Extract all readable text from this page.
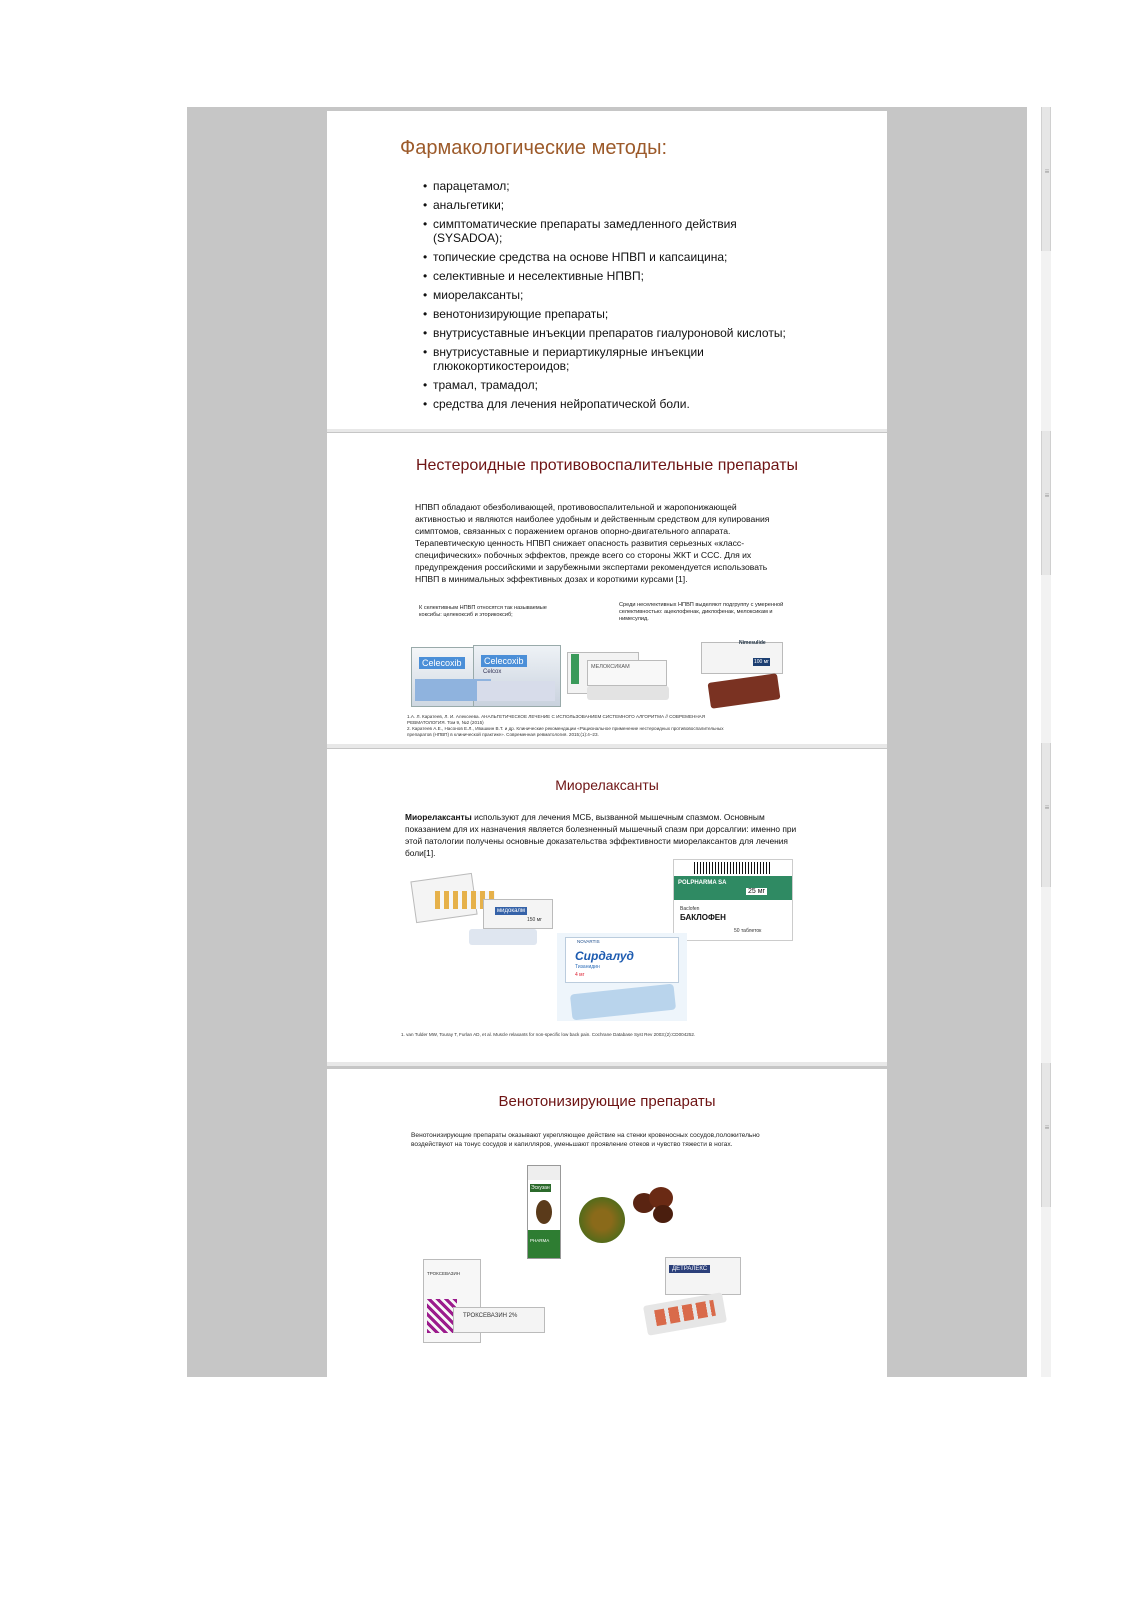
≡
≡
≡
≡
Фармакологические методы:
• парацетамол;
• анальгетики;
• симптоматические препараты замедленного действия (SYSADOA);
• топические средства на основе НПВП и капсаицина;
• селективные и неселективные НПВП;
• миорелаксанты;
• венотонизирующие препараты;
• внутрисуставные инъекции препаратов гиалуроновой кислоты;
• внутрисуставные и периартикулярные инъекции глюкокортикостероидов;
• трамал, трамадол;
• средства для лечения нейропатической боли.
Нестероидные противовоспалительные препараты
НПВП обладают обезболивающей, противовоспалительной и жаропонижающей активностью и являются наиболее удобным и действенным средством для купирования симптомов, связанных с поражением органов опорно-двигательного аппарата. Терапевтическую ценность НПВП снижает опасность развития серьезных «класс-специфических» побочных эффектов, прежде всего со стороны ЖКТ и ССС. Для их предупреждения российскими и зарубежными экспертами рекомендуется использовать НПВП в минимальных эффективных дозах и короткими курсами [1].
К селективным НПВП относятся так называемые коксибы: целекоксиб и эторикоксиб;
Среди неселективных НПВП выделяют подгруппу с умеренной селективностью: ацеклофенак, диклофенак, мелоксикам и нимесулид.
Celecoxib	Celecoxib
Celcox
МЕЛОКСИКАМ
Nimesulide
100 мг
1.А. Л. Каратеев, Л. И. Алексеева. АНАЛЬГЕТИЧЕСКОЕ ЛЕЧЕНИЕ С ИСПОЛЬЗОВАНИЕМ СИСТЕМНОГО АЛГОРИТМА // СОВРЕМЕННАЯ РЕВМАТОЛОГИЯ. Том 9, №2 (2015)
2. Каратеев А.Е., Насонов Е.Л., Ивашкин В.Т. и др. Клинические рекомендации «Рациональное применение нестероидных противовоспалительных препаратов (НПВП) в клинической практике». Современная ревматология. 2015;(1):4–23.
Миорелаксанты
Миорелаксанты используют для лечения МСБ, вызванной мышечным спазмом. Основным показанием для их назначения является болезненный мышечный спазм при дорсалгии: именно при этой патологии получены основные доказательства эффективности миорелаксантов для лечения боли[1].
мидокалм
150 мг
POLPHARMA SA
25 мг
Baclofen
БАКЛОФЕН
50 таблеток
NOVARTIS
Сирдалуд
Тизанидин
4 мг
1. van Tulder MW, Touray T, Furlan AD, et al. Muscle relaxants for non-specific low back pain. Cochrane Database Syst Rev 2003;(2):CD004252.
Венотонизирующие препараты
Венотонизирующие препараты оказывают укрепляющее действие на стенки кровеносных сосудов,положительно воздействуют на тонус сосудов и капилляров, уменьшают проявление отеков и чувство тяжести в ногах.
Эскузан
PHARMA
ТРОКСЕВАЗИН
ТРОКСЕВАЗИН 2%
ДЕТРАЛЕКС
